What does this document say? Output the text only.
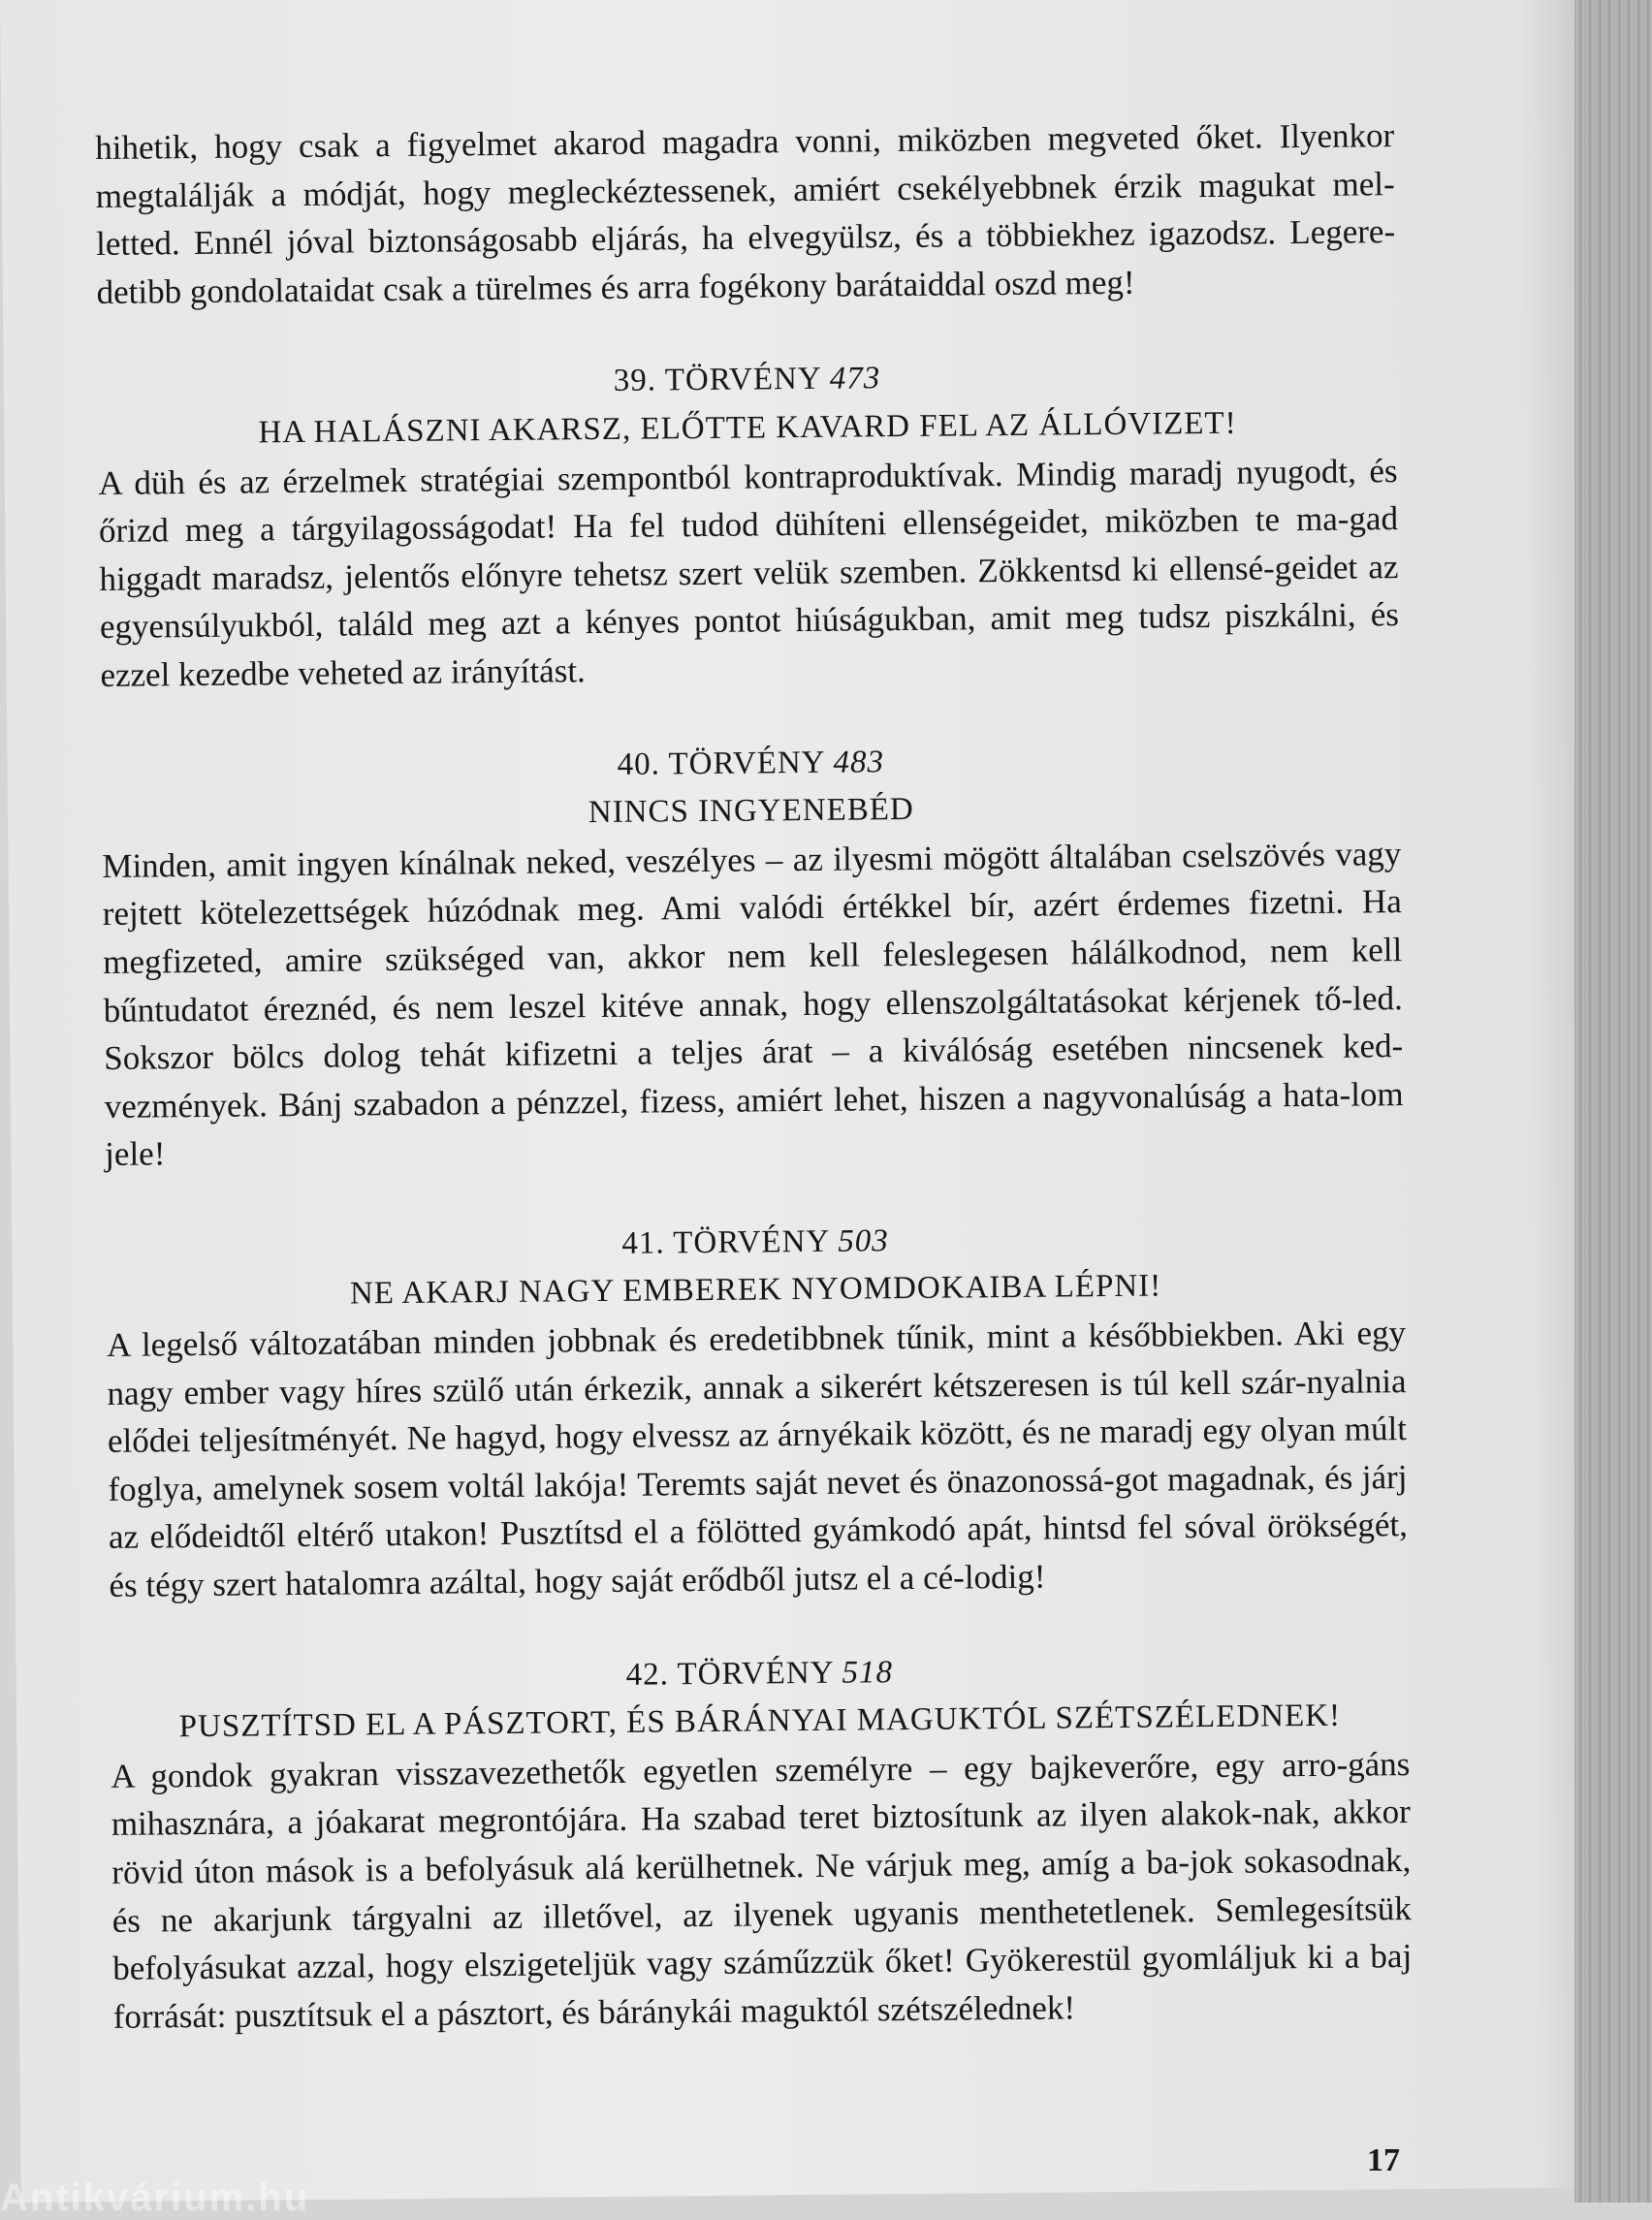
hihetik, hogy csak a figyelmet akarod magadra vonni, miközben megveted őket. Ilyenkor megtalálják a módját, hogy megleckéztessenek, amiért csekélyebbnek érzik magukat mel-letted. Ennél jóval biztonságosabb eljárás, ha elvegyülsz, és a többiekhez igazodsz. Legere-detibb gondolataidat csak a türelmes és arra fogékony barátaiddal oszd meg!

39. TÖRVÉNY 473

HA HALÁSZNI AKARSZ, ELŐTTE KAVARD FEL AZ ÁLLÓVIZET!

A düh és az érzelmek stratégiai szempontból kontraproduktívak. Mindig maradj nyugodt, és őrizd meg a tárgyilagosságodat! Ha fel tudod dühíteni ellenségeidet, miközben te ma-gad higgadt maradsz, jelentős előnyre tehetsz szert velük szemben. Zökkentsd ki ellensé-geidet az egyensúlyukból, találd meg azt a kényes pontot hiúságukban, amit meg tudsz piszkálni, és ezzel kezedbe veheted az irányítást.

40. TÖRVÉNY 483

NINCS INGYENEBÉD

Minden, amit ingyen kínálnak neked, veszélyes – az ilyesmi mögött általában cselszövés vagy rejtett kötelezettségek húzódnak meg. Ami valódi értékkel bír, azért érdemes fizetni. Ha megfizeted, amire szükséged van, akkor nem kell feleslegesen hálálkodnod, nem kell bűntudatot éreznéd, és nem leszel kitéve annak, hogy ellenszolgáltatásokat kérjenek tő-led. Sokszor bölcs dolog tehát kifizetni a teljes árat – a kiválóság esetében nincsenek ked-vezmények. Bánj szabadon a pénzzel, fizess, amiért lehet, hiszen a nagyvonalúság a hata-lom jele!

41. TÖRVÉNY 503

NE AKARJ NAGY EMBEREK NYOMDOKAIBA LÉPNI!

A legelső változatában minden jobbnak és eredetibbnek tűnik, mint a későbbiekben. Aki egy nagy ember vagy híres szülő után érkezik, annak a sikerért kétszeresen is túl kell szár-nyalnia elődei teljesítményét. Ne hagyd, hogy elvessz az árnyékaik között, és ne maradj egy olyan múlt foglya, amelynek sosem voltál lakója! Teremts saját nevet és önazonossá-got magadnak, és járj az elődeidtől eltérő utakon! Pusztítsd el a fölötted gyámkodó apát, hintsd fel sóval örökségét, és tégy szert hatalomra azáltal, hogy saját erődből jutsz el a cé-lodig!

42. TÖRVÉNY 518

PUSZTÍTSD EL A PÁSZTORT, ÉS BÁRÁNYAI MAGUKTÓL SZÉTSZÉLEDNEK!

A gondok gyakran visszavezethetők egyetlen személyre – egy bajkeverőre, egy arro-gáns mihasznára, a jóakarat megrontójára. Ha szabad teret biztosítunk az ilyen alakok-nak, akkor rövid úton mások is a befolyásuk alá kerülhetnek. Ne várjuk meg, amíg a ba-jok sokasodnak, és ne akarjunk tárgyalni az illetővel, az ilyenek ugyanis menthetetlenek. Semlegesítsük befolyásukat azzal, hogy elszigeteljük vagy száműzzük őket! Gyökerestül gyomláljuk ki a baj forrását: pusztítsuk el a pásztort, és báránykái maguktól szétszélednek!

17
Antikvárium.hu
